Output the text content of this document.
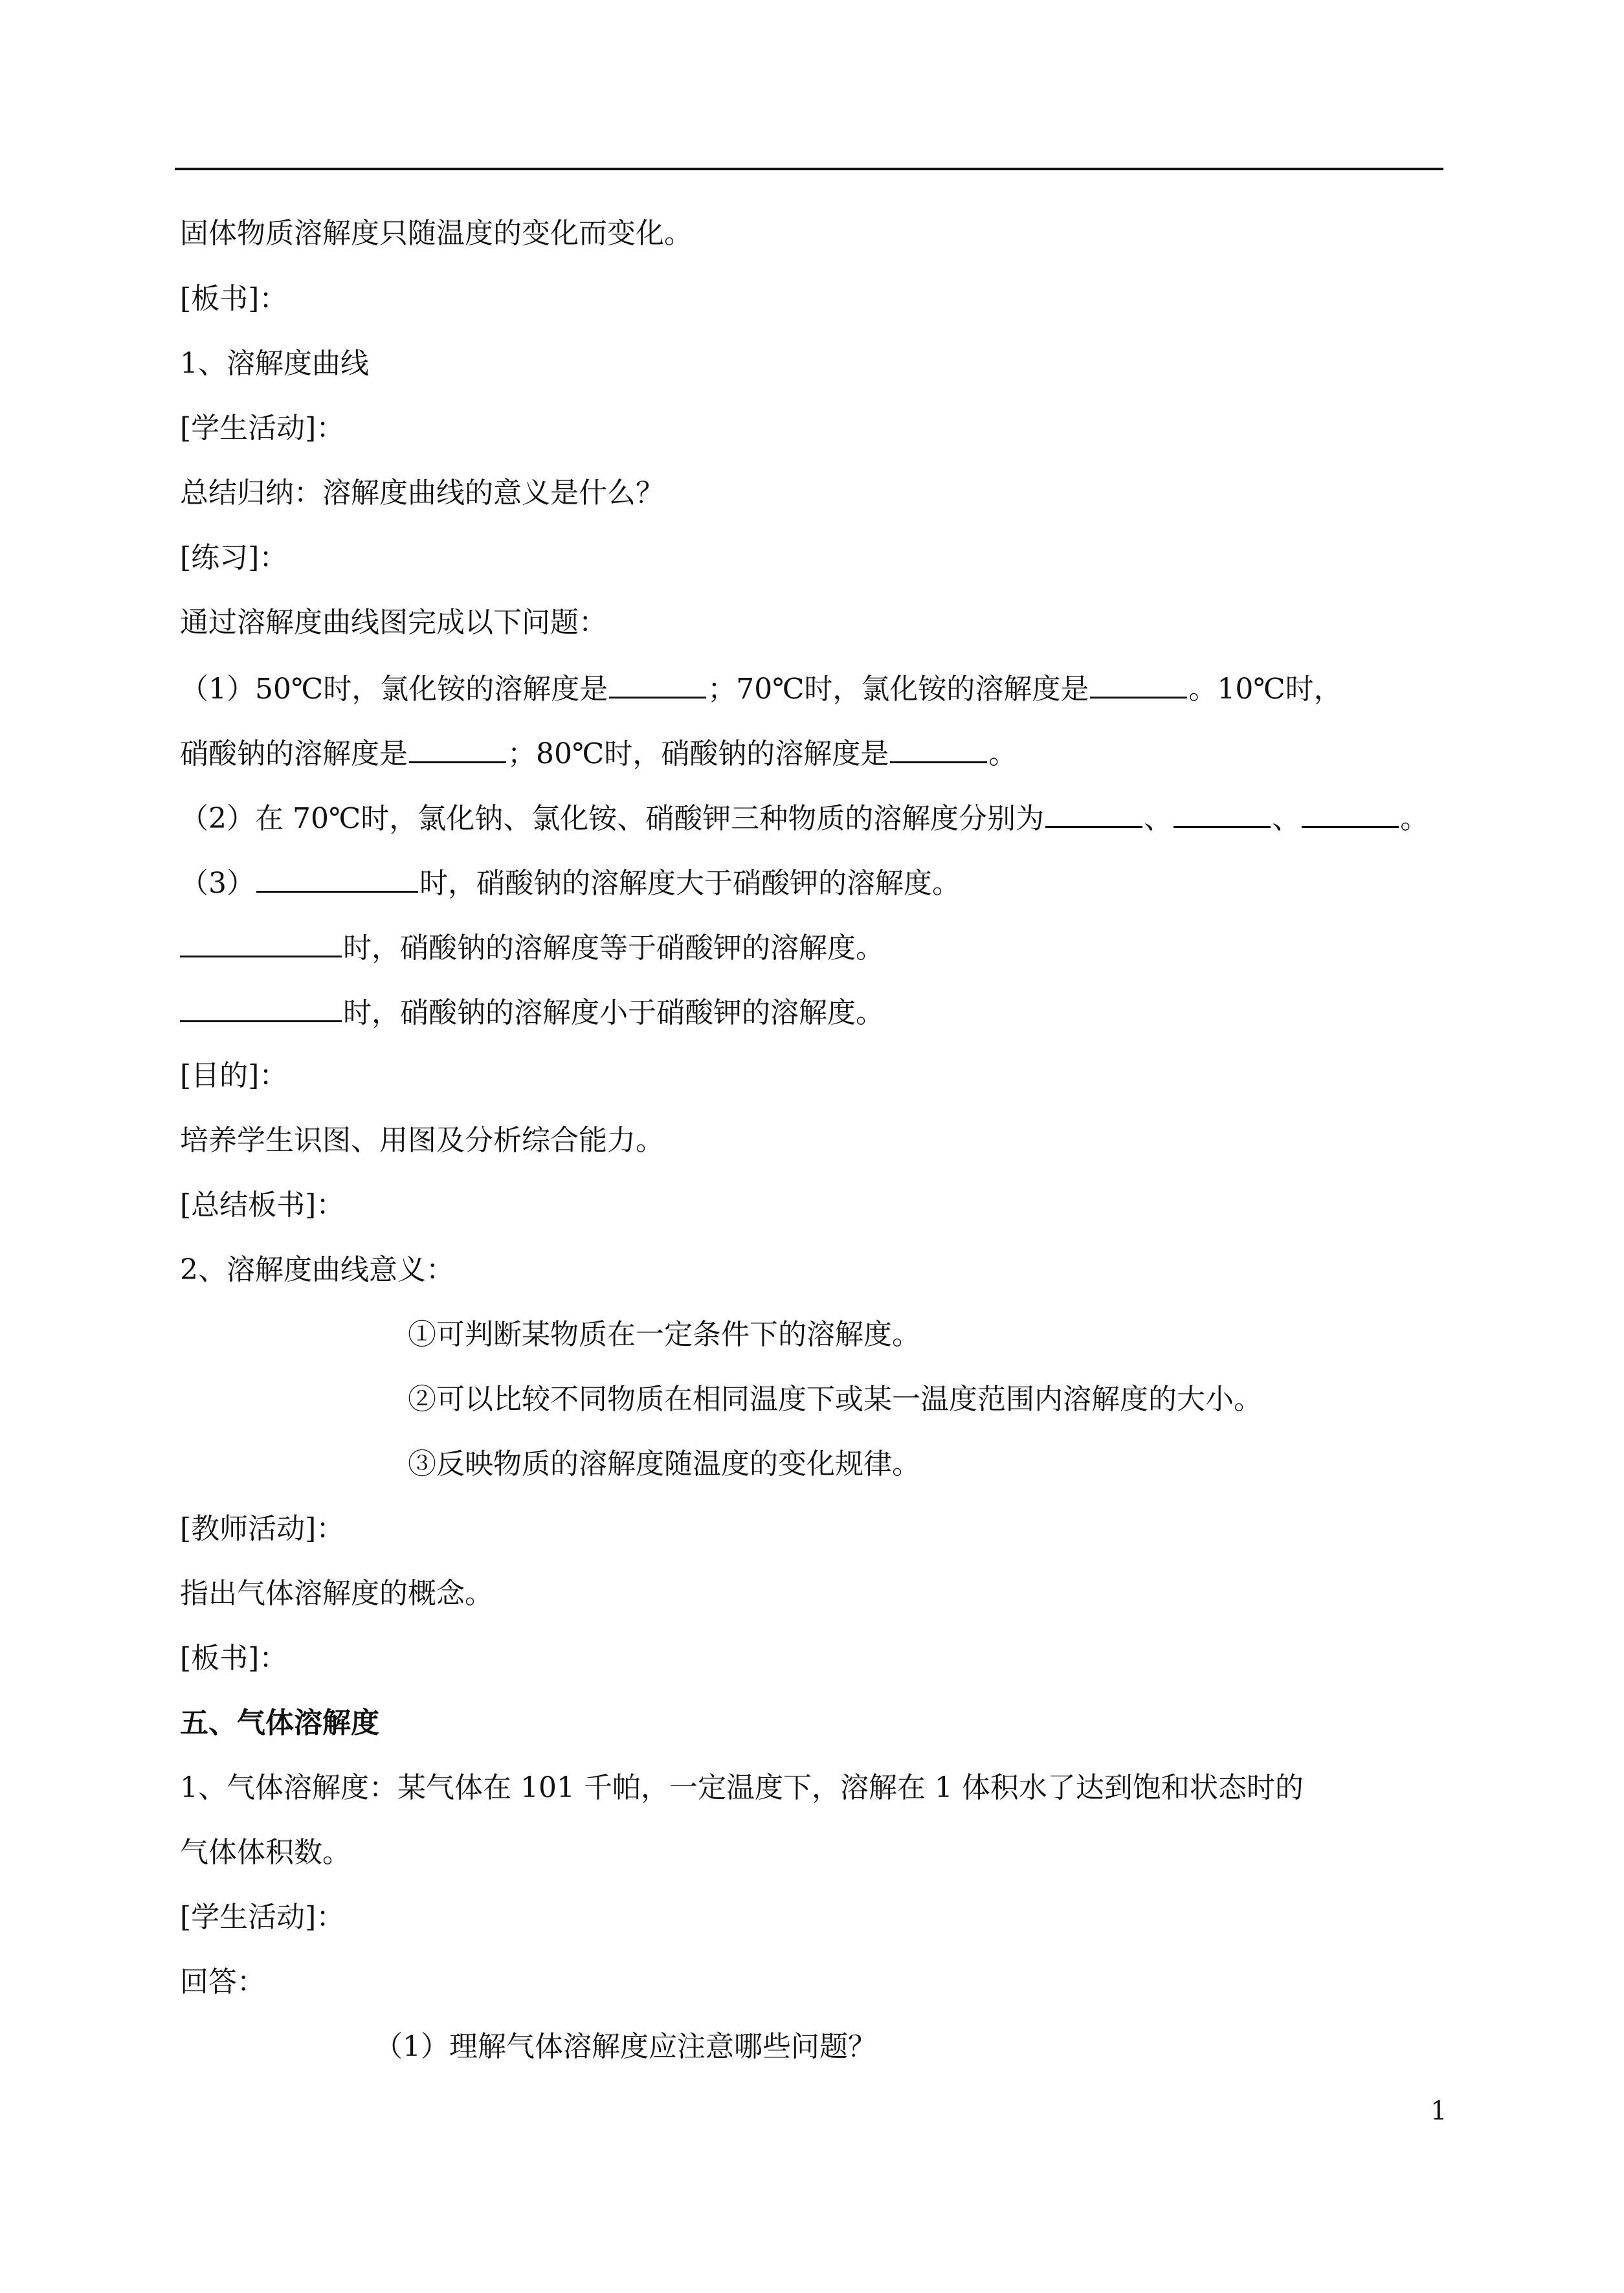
固体物质溶解度只随温度的变化而变化。
[板书]：
1、溶解度曲线
[学生活动]：
总结归纳：溶解度曲线的意义是什么？
[练习]：
通过溶解度曲线图完成以下问题：
（1）50℃时，氯化铵的溶解度是	；70℃时，氯化铵的溶解度是	。10℃时，
硝酸钠的溶解度是	；80℃时，硝酸钠的溶解度是	。
（2）在 70℃时，氯化钠、氯化铵、硝酸钾三种物质的溶解度分别为	、	、	。
（3）	时，硝酸钠的溶解度大于硝酸钾的溶解度。
时，硝酸钠的溶解度等于硝酸钾的溶解度。
时，硝酸钠的溶解度小于硝酸钾的溶解度。
[目的]：
培养学生识图、用图及分析综合能力。
[总结板书]：
2、溶解度曲线意义：
①可判断某物质在一定条件下的溶解度。
②可以比较不同物质在相同温度下或某一温度范围内溶解度的大小。
③反映物质的溶解度随温度的变化规律。
[教师活动]：
指出气体溶解度的概念。
[板书]：
五、气体溶解度
1、气体溶解度：某气体在 101 千帕，一定温度下，溶解在 1 体积水了达到饱和状态时的
气体体积数。
[学生活动]：
回答：
（1）理解气体溶解度应注意哪些问题？
1
